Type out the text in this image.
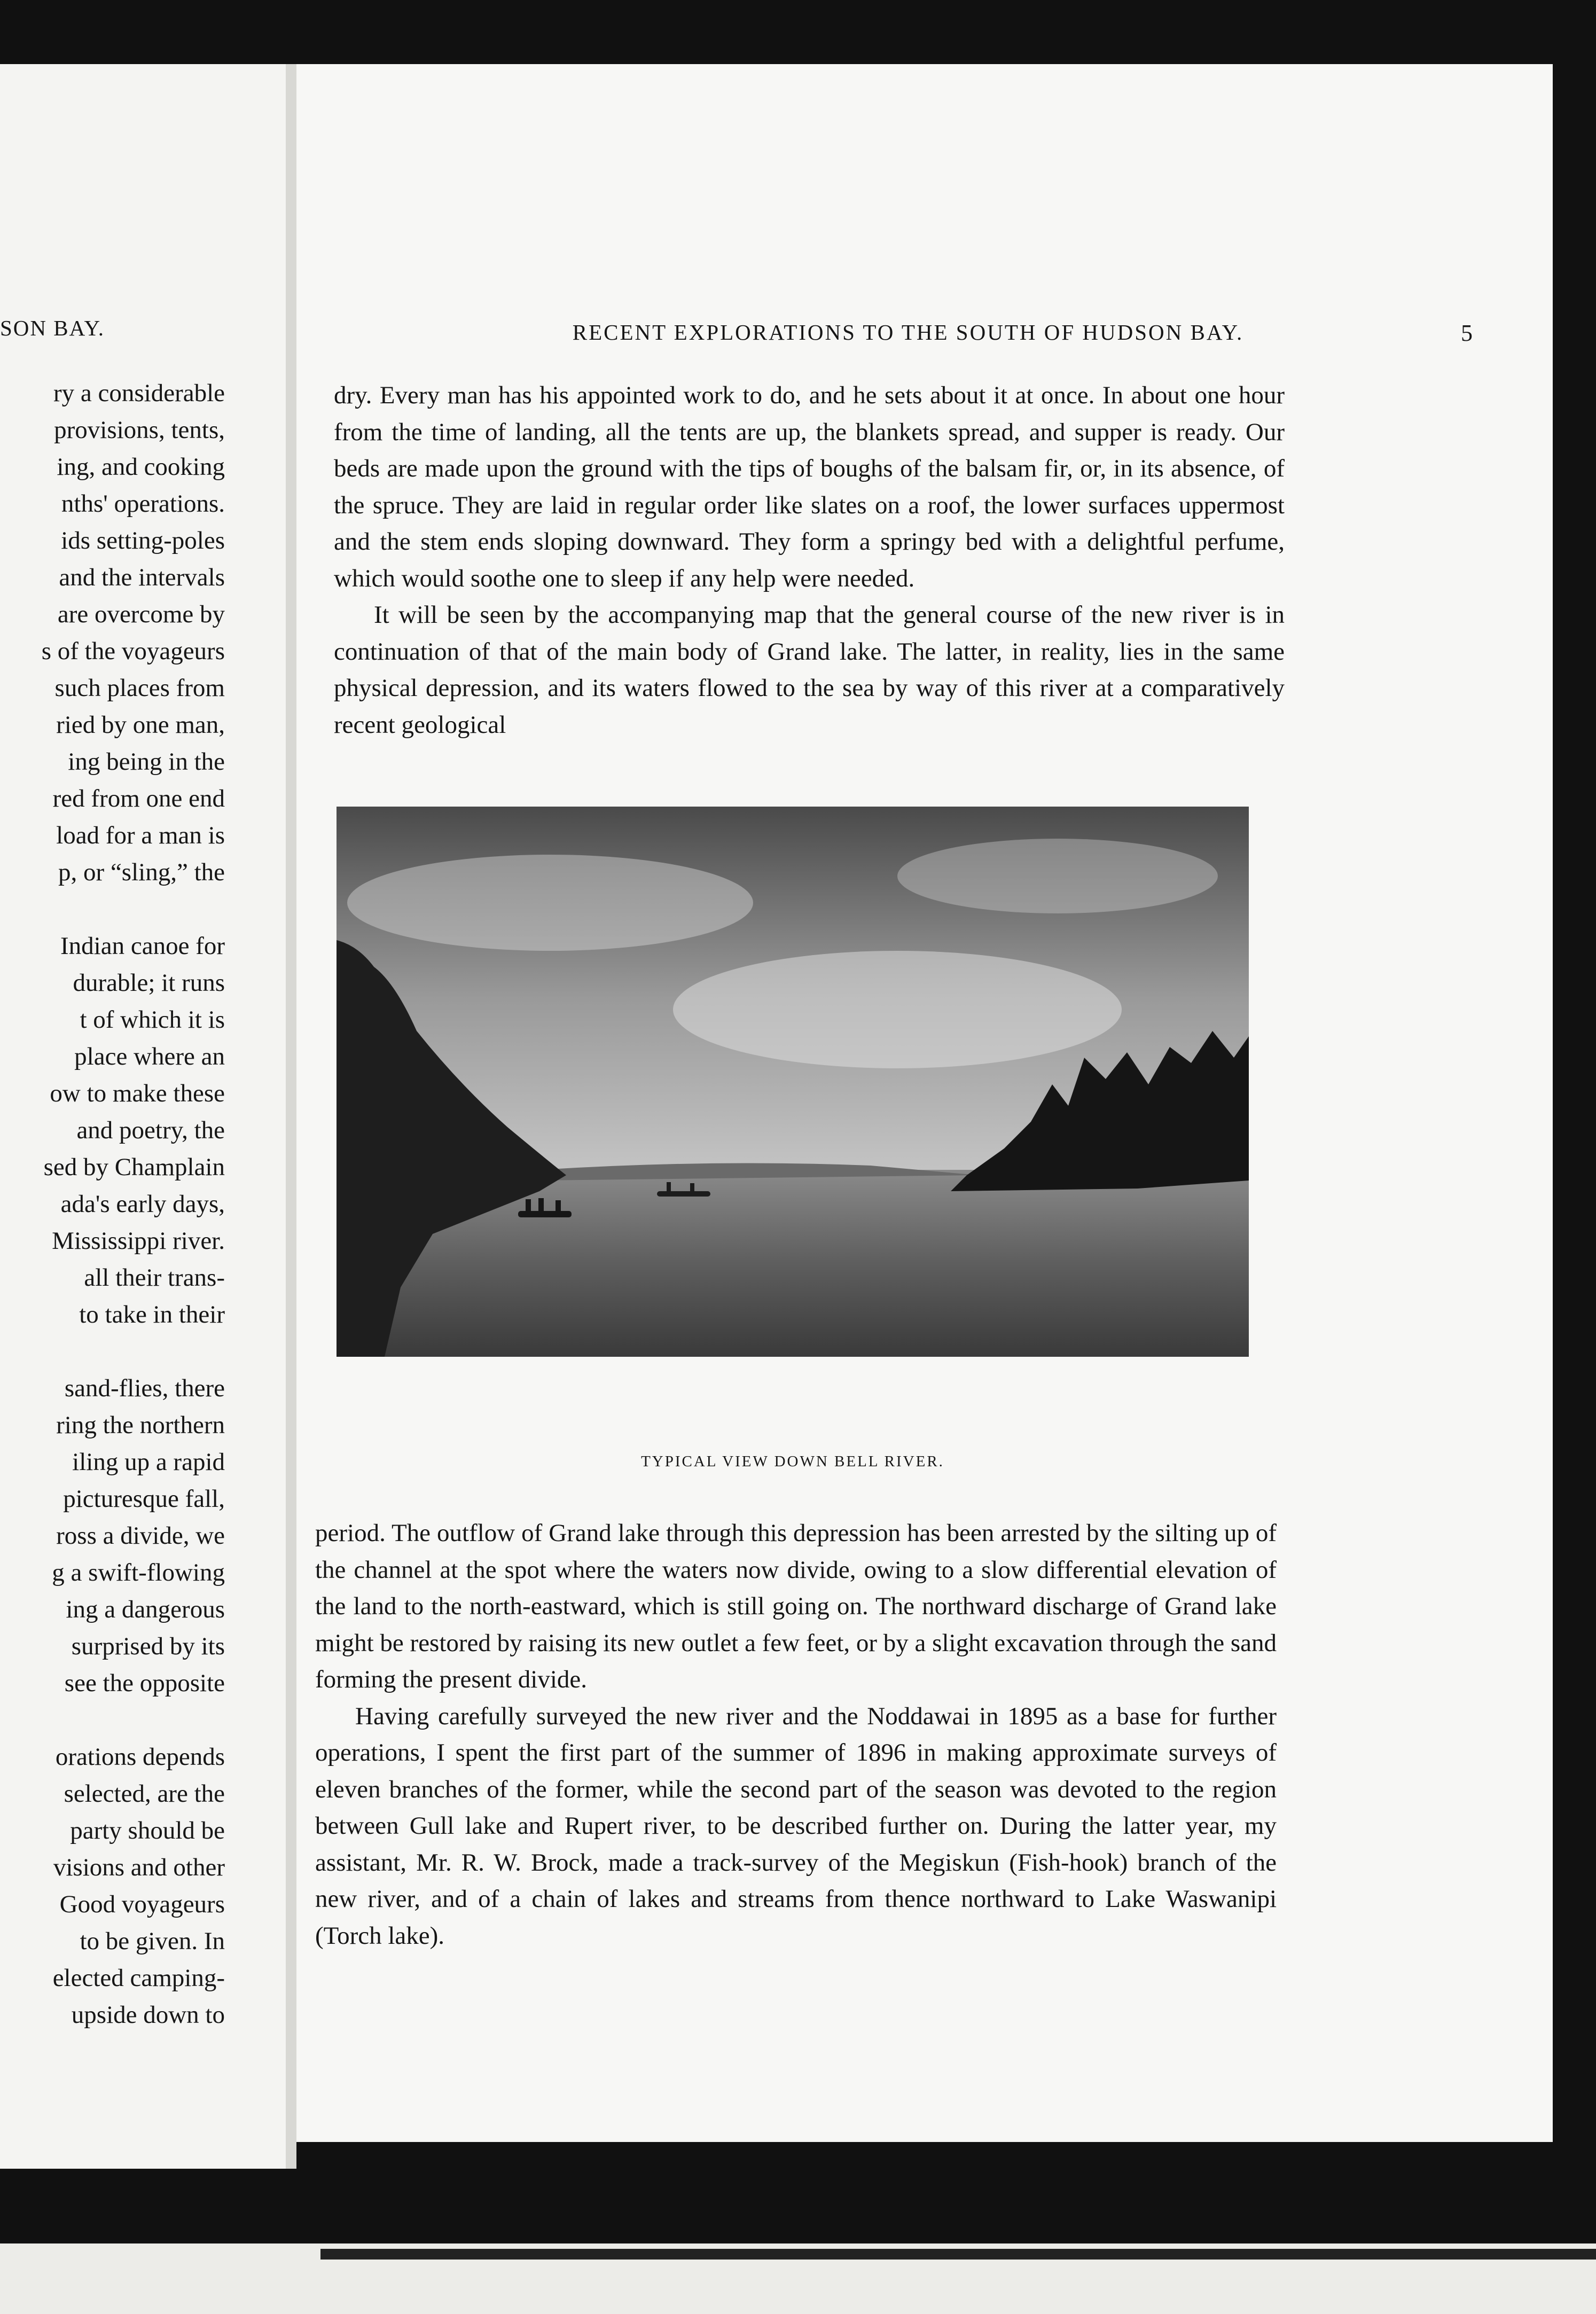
SON BAY.
ry a considerable
provisions, tents,
ing, and cooking
nths' operations.
ids setting-poles
and the intervals
are overcome by
s of the voyageurs
such places from
ried by one man,
ing being in the
red from one end
load for a man is
p, or “sling,” the
Indian canoe for
durable; it runs
t of which it is
place where an
ow to make these
and poetry, the
sed by Champlain
ada's early days,
Mississippi river.
all their trans-
to take in their
sand-flies, there
ring the northern
iling up a rapid
picturesque fall,
ross a divide, we
g a swift-flowing
ing a dangerous
surprised by its
see the opposite
orations depends
selected, are the
party should be
visions and other
Good voyageurs
to be given. In
elected camping-
upside down to
RECENT EXPLORATIONS TO THE SOUTH OF HUDSON BAY.	5

dry. Every man has his appointed work to do, and he sets about it at once. In about one hour from the time of landing, all the tents are up, the blankets spread, and supper is ready. Our beds are made upon the ground with the tips of boughs of the balsam fir, or, in its absence, of the spruce. They are laid in regular order like slates on a roof, the lower surfaces uppermost and the stem ends sloping downward. They form a springy bed with a delightful perfume, which would soothe one to sleep if any help were needed.

It will be seen by the accompanying map that the general course of the new river is in continuation of that of the main body of Grand lake. The latter, in reality, lies in the same physical depression, and its waters flowed to the sea by way of this river at a comparatively recent geological

TYPICAL VIEW DOWN BELL RIVER.

period. The outflow of Grand lake through this depression has been arrested by the silting up of the channel at the spot where the waters now divide, owing to a slow differential elevation of the land to the north-eastward, which is still going on. The northward discharge of Grand lake might be restored by raising its new outlet a few feet, or by a slight excavation through the sand forming the present divide.

Having carefully surveyed the new river and the Noddawai in 1895 as a base for further operations, I spent the first part of the summer of 1896 in making approximate surveys of eleven branches of the former, while the second part of the season was devoted to the region between Gull lake and Rupert river, to be described further on. During the latter year, my assistant, Mr. R. W. Brock, made a track-survey of the Megiskun (Fish-hook) branch of the new river, and of a chain of lakes and streams from thence northward to Lake Waswanipi (Torch lake).
